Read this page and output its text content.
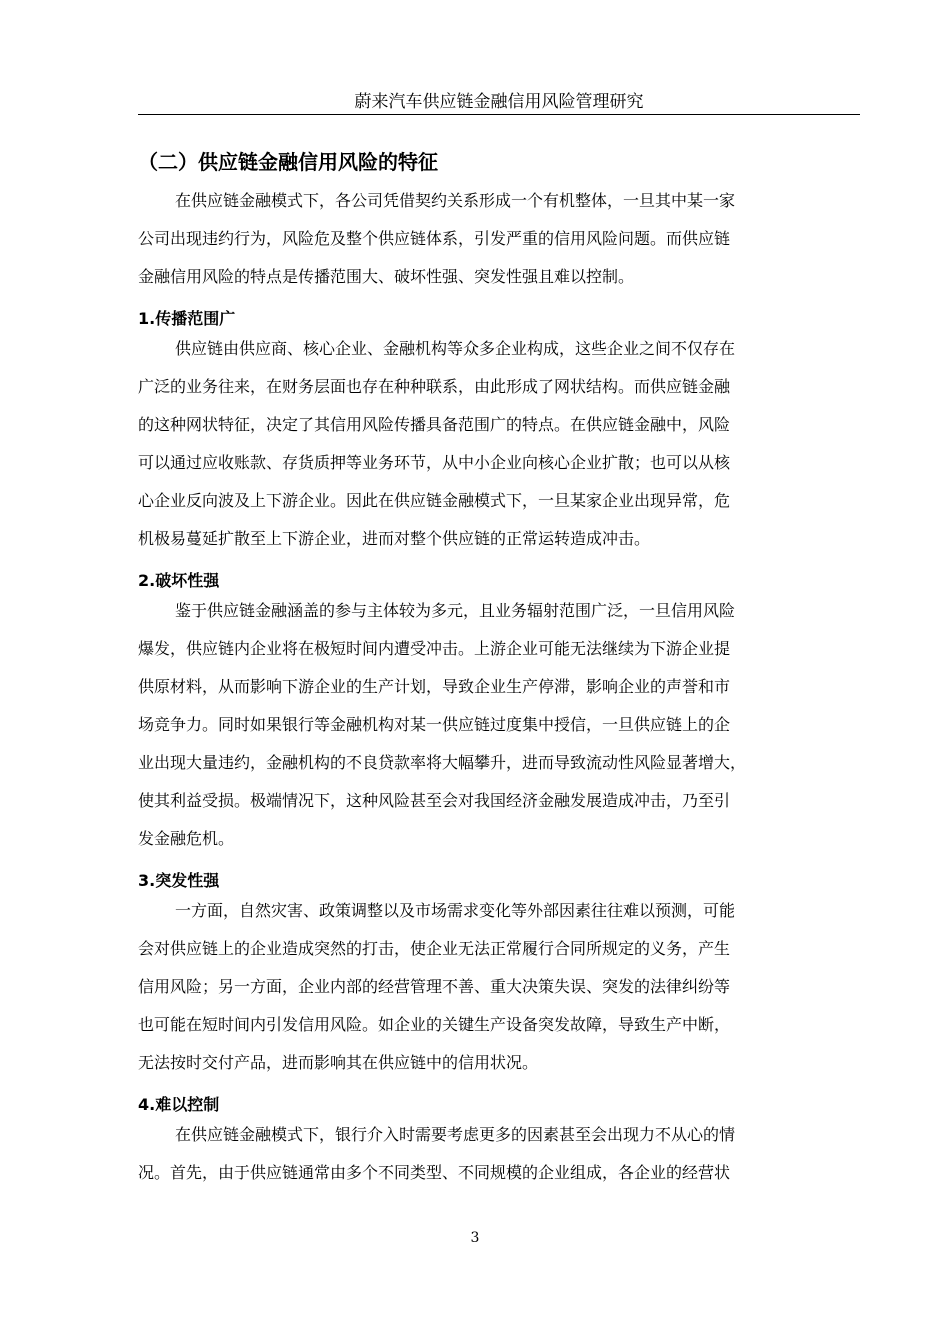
蔚来汽车供应链金融信用风险管理研究
（二）供应链金融信用风险的特征
在供应链金融模式下，各公司凭借契约关系形成一个有机整体，一旦其中某一家
公司出现违约行为，风险危及整个供应链体系，引发严重的信用风险问题。而供应链
金融信用风险的特点是传播范围大、破坏性强、突发性强且难以控制。
1.传播范围广
供应链由供应商、核心企业、金融机构等众多企业构成，这些企业之间不仅存在
广泛的业务往来，在财务层面也存在种种联系，由此形成了网状结构。而供应链金融
的这种网状特征，决定了其信用风险传播具备范围广的特点。在供应链金融中，风险
可以通过应收账款、存货质押等业务环节，从中小企业向核心企业扩散；也可以从核
心企业反向波及上下游企业。因此在供应链金融模式下，一旦某家企业出现异常，危
机极易蔓延扩散至上下游企业，进而对整个供应链的正常运转造成冲击。
2.破坏性强
鉴于供应链金融涵盖的参与主体较为多元，且业务辐射范围广泛，一旦信用风险
爆发，供应链内企业将在极短时间内遭受冲击。上游企业可能无法继续为下游企业提
供原材料，从而影响下游企业的生产计划，导致企业生产停滞，影响企业的声誉和市
场竞争力。同时如果银行等金融机构对某一供应链过度集中授信，一旦供应链上的企
业出现大量违约，金融机构的不良贷款率将大幅攀升，进而导致流动性风险显著增大，
使其利益受损。极端情况下，这种风险甚至会对我国经济金融发展造成冲击，乃至引
发金融危机。
3.突发性强
一方面，自然灾害、政策调整以及市场需求变化等外部因素往往难以预测，可能
会对供应链上的企业造成突然的打击，使企业无法正常履行合同所规定的义务，产生
信用风险；另一方面，企业内部的经营管理不善、重大决策失误、突发的法律纠纷等
也可能在短时间内引发信用风险。如企业的关键生产设备突发故障，导致生产中断，
无法按时交付产品，进而影响其在供应链中的信用状况。
4.难以控制
在供应链金融模式下，银行介入时需要考虑更多的因素甚至会出现力不从心的情
况。首先，由于供应链通常由多个不同类型、不同规模的企业组成，各企业的经营状
3
